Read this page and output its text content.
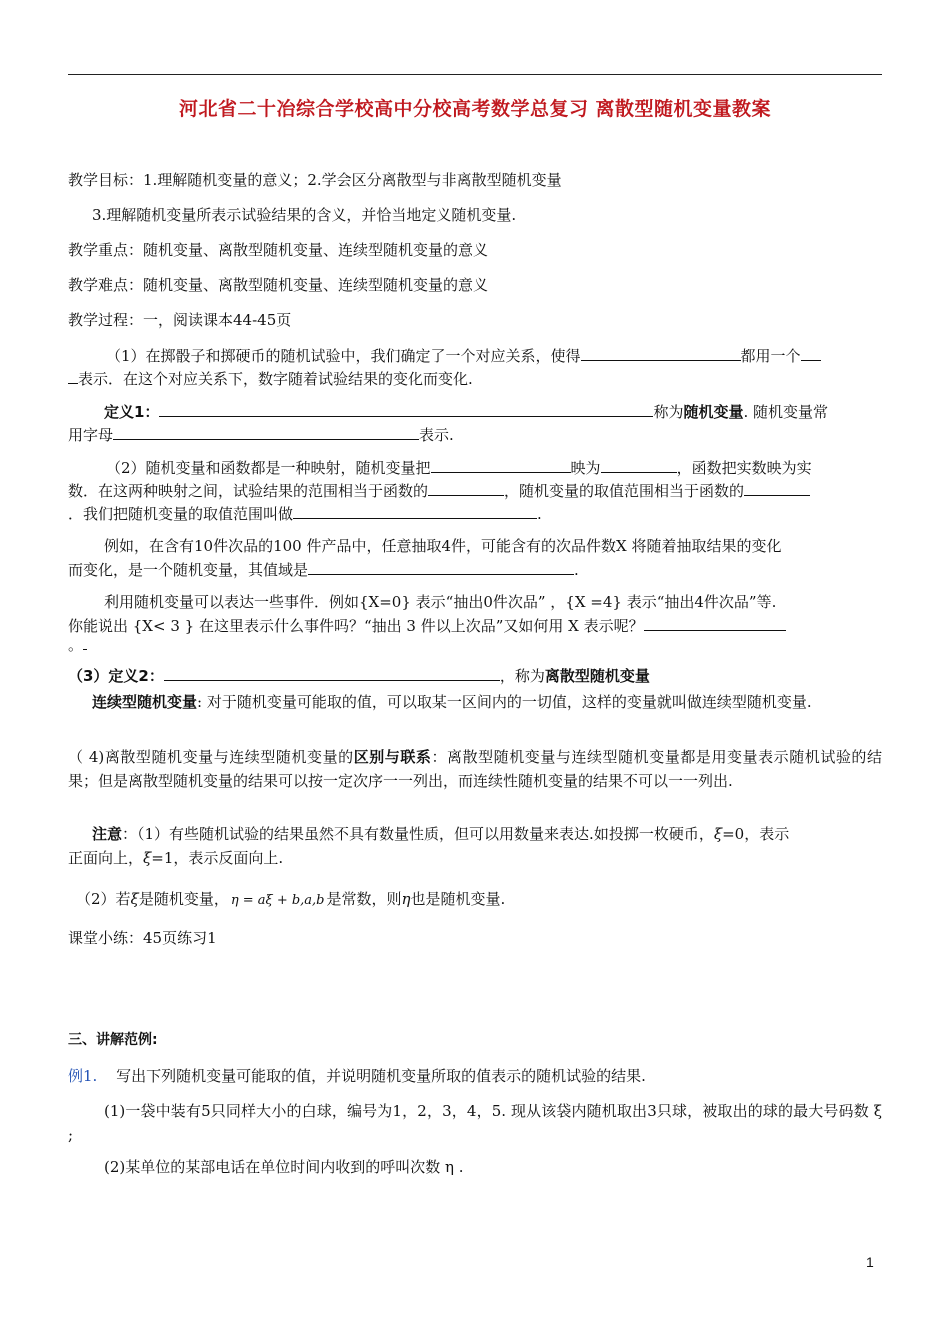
河北省二十冶综合学校高中分校高考数学总复习 离散型随机变量教案
教学目标：1.理解随机变量的意义；2.学会区分离散型与非离散型随机变量
3.理解随机变量所表示试验结果的含义，并恰当地定义随机变量.
教学重点：随机变量、离散型随机变量、连续型随机变量的意义
教学难点：随机变量、离散型随机变量、连续型随机变量的意义
教学过程：一，阅读课本44-45页
（1）在掷骰子和掷硬币的随机试验中，我们确定了一个对应关系，使得	都用一个
表示．在这个对应关系下，数字随着试验结果的变化而变化.
定义1：	称为随机变量. 随机变量常
用字母	表示.
（2）随机变量和函数都是一种映射，随机变量把	映为	，函数把实数映为实
数．在这两种映射之间，试验结果的范围相当于函数的	，随机变量的取值范围相当于函数的
．我们把随机变量的取值范围叫做	.
例如，在含有10件次品的100 件产品中，任意抽取4件，可能含有的次品件数X 将随着抽取结果的变化
而变化，是一个随机变量，其值域是	.
利用随机变量可以表达一些事件．例如{X=0} 表示“抽出0件次品” ，{X =4} 表示“抽出4件次品”等.
你能说出 {X< 3 } 在这里表示什么事件吗？“抽出 3 件以上次品”又如何用 X 表示呢？
。
（3）定义2：	，称为离散型随机变量
连续型随机变量: 对于随机变量可能取的值，可以取某一区间内的一切值，这样的变量就叫做连续型随机变量.
（ 4)离散型随机变量与连续型随机变量的区别与联系：离散型随机变量与连续型随机变量都是用变量表示随机试验的结果；但是离散型随机变量的结果可以按一定次序一一列出，而连续性随机变量的结果不可以一一列出.
注意：（1）有些随机试验的结果虽然不具有数量性质，但可以用数量来表达.如投掷一枚硬币，ξ=0，表示
正面向上，ξ=1，表示反面向上.
（2）若ξ是随机变量， η = aξ + b,a,b 是常数，则η也是随机变量.
课堂小练：45页练习1
三、讲解范例:
例1. 写出下列随机变量可能取的值，并说明随机变量所取的值表示的随机试验的结果.
(1)一袋中装有5只同样大小的白球，编号为1，2，3，4，5. 现从该袋内随机取出3只球，被取出的球的最大号码数 ξ ;
(2)某单位的某部电话在单位时间内收到的呼叫次数 η .
1
